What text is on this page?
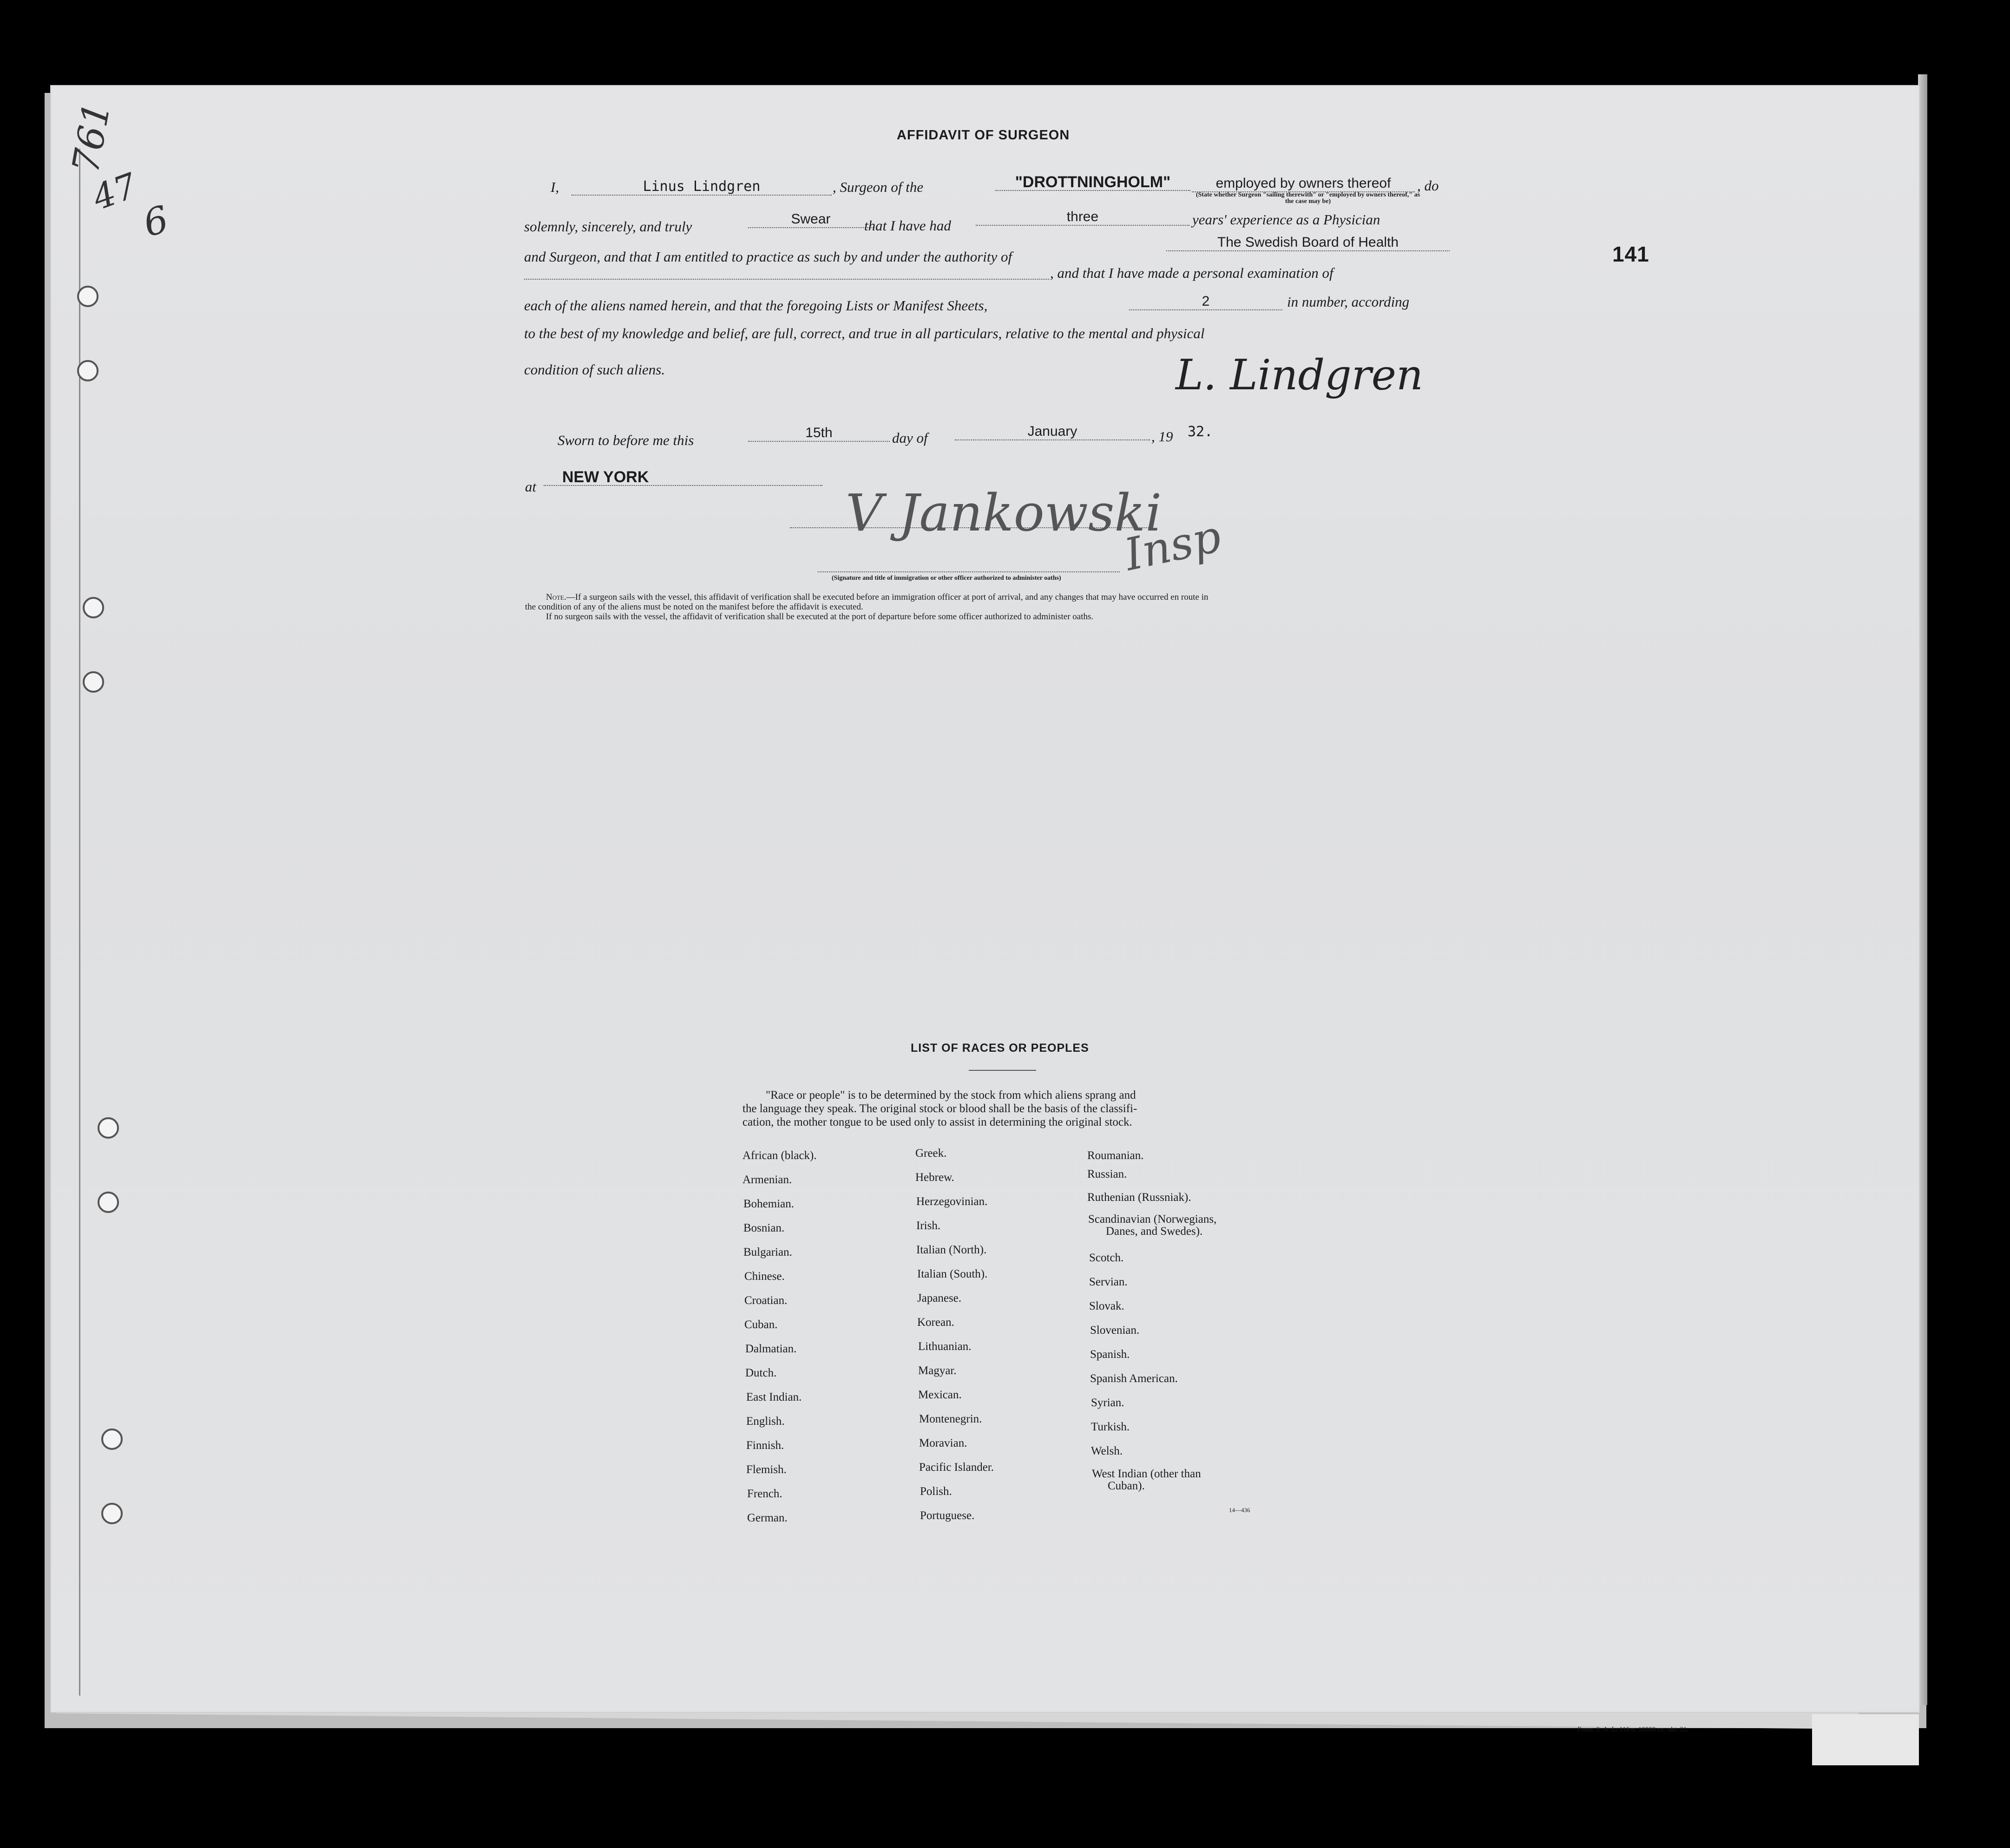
761
47
6
141
AFFIDAVIT OF SURGEON
I,	Linus Lindgren	, Surgeon of the	"DROTTNINGHOLM"	employed by owners thereof	, do
(State whether Surgeon "sailing therewith" or "employed by owners thereof," as the case may be)
solemnly, sincerely, and truly	Swear	that I have had
three	years' experience as a Physician
and Surgeon, and that I am entitled to practice as such by and under the authority of
The Swedish Board of Health
, and that I have made a personal examination of
each of the aliens named herein, and that the foregoing Lists or Manifest Sheets,	2	in number, according
to the best of my knowledge and belief, are full, correct, and true in all particulars, relative to the mental and physical
condition of such aliens.	L. Lindgren
Sworn to before me this	15th	day of	January	, 19 32.
at
NEW YORK
V Jankowski
Insp
(Signature and title of immigration or other officer authorized to administer oaths)
Note.—If a surgeon sails with the vessel, this affidavit of verification shall be executed before an immigration officer at port of arrival, and any changes that may have occurred en route in
the condition of any of the aliens must be noted on the manifest before the affidavit is executed.
If no surgeon sails with the vessel, the affidavit of verification shall be executed at the port of departure before some officer authorized to administer oaths.
LIST OF RACES OR PEOPLES
"Race or people" is to be determined by the stock from which aliens sprang and
the language they speak. The original stock or blood shall be the basis of the classifi-
cation, the mother tongue to be used only to assist in determining the original stock.
African (black).
Armenian.
Bohemian.
Bosnian.
Bulgarian.
Chinese.
Croatian.
Cuban.
Dalmatian.
Dutch.
East Indian.
English.
Finnish.
Flemish.
French.
German.
Greek.
Hebrew.
Herzegovinian.
Irish.
Italian (North).
Italian (South).
Japanese.
Korean.
Lithuanian.
Magyar.
Mexican.
Montenegrin.
Moravian.
Pacific Islander.
Polish.
Portuguese.
Roumanian.
Russian.
Ruthenian (Russniak).
Scandinavian (Norwegians,
Danes, and Swedes).
Scotch.
Servian.
Slovak.
Slovenian.
Spanish.
Spanish American.
Syrian.
Turkish.
Welsh.
West Indian (other than
Cuban).
14—436
Form. S. A. L. 116 n. 10000 ex. okt. 31.
